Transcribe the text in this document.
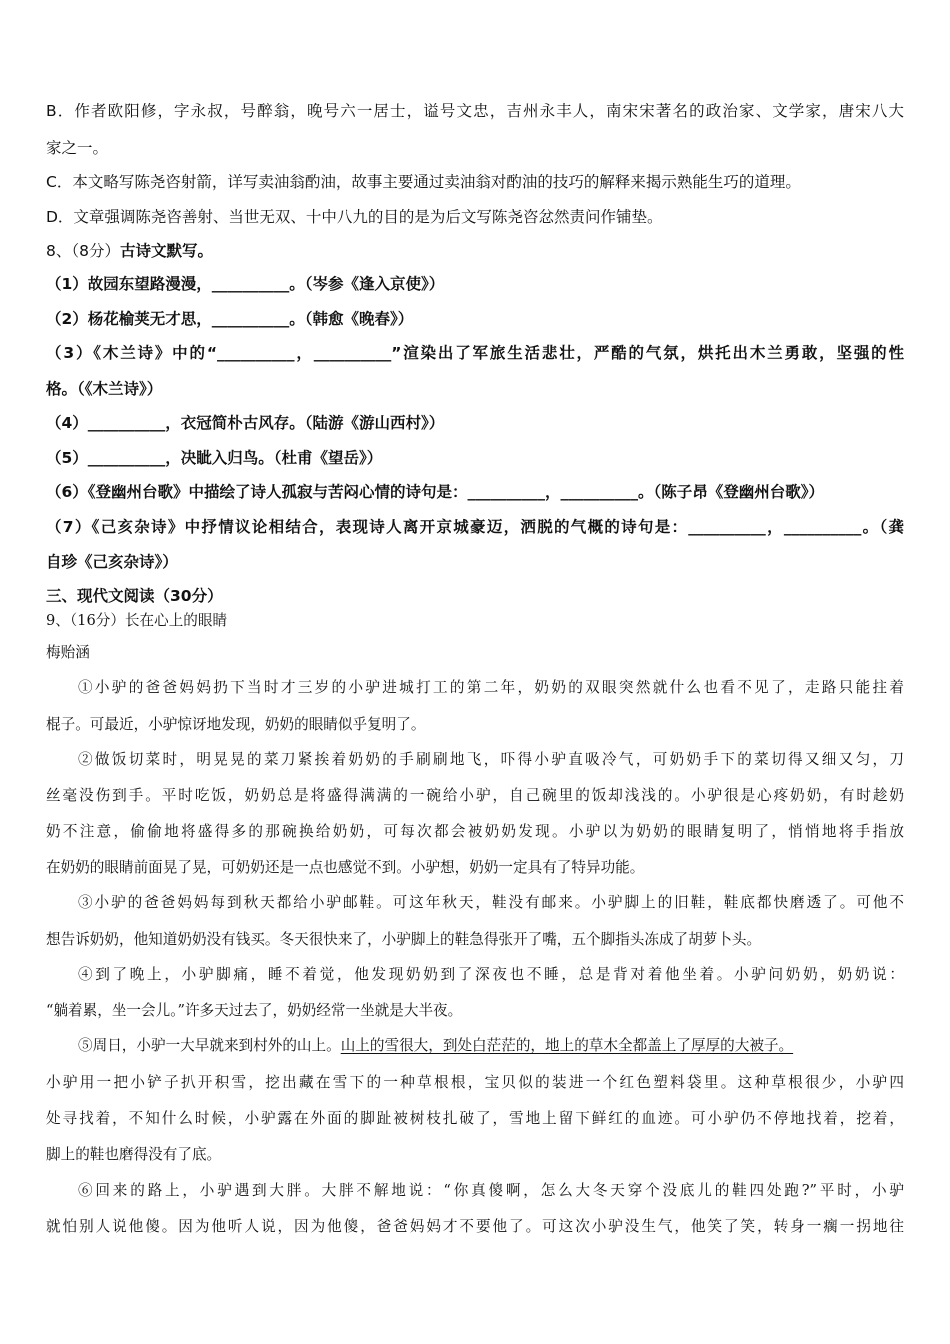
B．作者欧阳修，字永叔，号醉翁，晚号六一居士，谥号文忠，吉州永丰人，南宋宋著名的政治家、文学家，唐宋八大
家之一。
C．本文略写陈尧咨射箭，详写卖油翁酌油，故事主要通过卖油翁对酌油的技巧的解释来揭示熟能生巧的道理。
D．文章强调陈尧咨善射、当世无双、十中八九的目的是为后文写陈尧咨忿然责问作铺垫。
8、（8分）古诗文默写。
（1）故园东望路漫漫，__________。（岑参《逢入京使》）
（2）杨花榆荚无才思，__________。（韩愈《晚春》）
（3）《木兰诗》中的“__________，__________”渲染出了军旅生活悲壮，严酷的气氛，烘托出木兰勇敢，坚强的性
格。（《木兰诗》）
（4）__________，衣冠简朴古风存。（陆游《游山西村》）
（5）__________，决眦入归鸟。（杜甫《望岳》）
（6）《登幽州台歌》中描绘了诗人孤寂与苦闷心情的诗句是：__________，__________。（陈子昂《登幽州台歌》）
（7）《己亥杂诗》中抒情议论相结合，表现诗人离开京城豪迈，洒脱的气概的诗句是：__________，__________。（龚
自珍《己亥杂诗》）
三、现代文阅读（30分）
9、（16分）长在心上的眼睛
梅贻涵
①小驴的爸爸妈妈扔下当时才三岁的小驴进城打工的第二年，奶奶的双眼突然就什么也看不见了，走路只能拄着
棍子。可最近，小驴惊讶地发现，奶奶的眼睛似乎复明了。
②做饭切菜时，明晃晃的菜刀紧挨着奶奶的手刷刷地飞，吓得小驴直吸冷气，可奶奶手下的菜切得又细又匀，刀
丝毫没伤到手。平时吃饭，奶奶总是将盛得满满的一碗给小驴，自己碗里的饭却浅浅的。小驴很是心疼奶奶，有时趁奶
奶不注意，偷偷地将盛得多的那碗换给奶奶，可每次都会被奶奶发现。小驴以为奶奶的眼睛复明了，悄悄地将手指放
在奶奶的眼睛前面晃了晃，可奶奶还是一点也感觉不到。小驴想，奶奶一定具有了特异功能。
③小驴的爸爸妈妈每到秋天都给小驴邮鞋。可这年秋天，鞋没有邮来。小驴脚上的旧鞋，鞋底都快磨透了。可他不
想告诉奶奶，他知道奶奶没有钱买。冬天很快来了，小驴脚上的鞋急得张开了嘴，五个脚指头冻成了胡萝卜头。
④到了晚上，小驴脚痛，睡不着觉，他发现奶奶到了深夜也不睡，总是背对着他坐着。小驴问奶奶，奶奶说：
“躺着累，坐一会儿。”许多天过去了，奶奶经常一坐就是大半夜。
⑤周日，小驴一大早就来到村外的山上。山上的雪很大，到处白茫茫的，地上的草木全都盖上了厚厚的大被子。
小驴用一把小铲子扒开积雪，挖出藏在雪下的一种草根根，宝贝似的装进一个红色塑料袋里。这种草根很少，小驴四
处寻找着，不知什么时候，小驴露在外面的脚趾被树枝扎破了，雪地上留下鲜红的血迹。可小驴仍不停地找着，挖着，
脚上的鞋也磨得没有了底。
⑥回来的路上，小驴遇到大胖。大胖不解地说：“你真傻啊，怎么大冬天穿个没底儿的鞋四处跑?”平时，小驴
就怕别人说他傻。因为他听人说，因为他傻，爸爸妈妈才不要他了。可这次小驴没生气，他笑了笑，转身一瘸一拐地往
